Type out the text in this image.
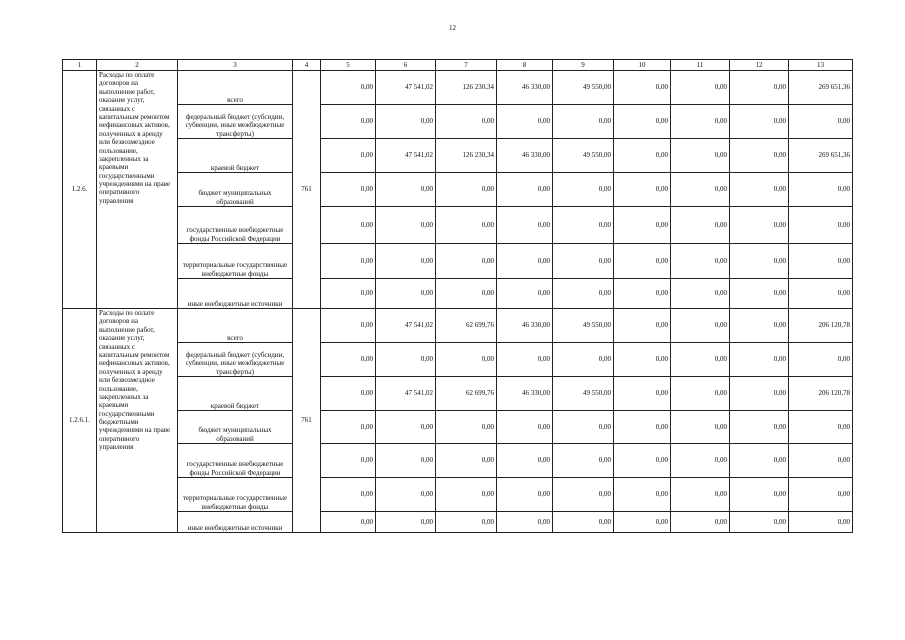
12
1	2	3	4	5	6	7	8	9	10	11	12	13
1.2.6.	Расходы по оплате договоров на выполнение работ, оказание услуг, связанных с капитальным ремонтом нефинансовых активов, полученных в аренду или безвозмездное пользование, закрепленных за краевыми государственными учреждениями на праве оперативного управления	всего	761	0,00	47 541,02	126 230,34	46 330,00	49 550,00	0,00	0,00	0,00	269 651,36
		федеральный бюджет (субсидии, субвенции, иные межбюджетные трансферты)		0,00	0,00	0,00	0,00	0,00	0,00	0,00	0,00	0,00
		краевой бюджет		0,00	47 541,02	126 230,34	46 330,00	49 550,00	0,00	0,00	0,00	269 651,36
		бюджет муниципальных образований		0,00	0,00	0,00	0,00	0,00	0,00	0,00	0,00	0,00
		государственные внебюджетные фонды Российской Федерации		0,00	0,00	0,00	0,00	0,00	0,00	0,00	0,00	0,00
		территориальные государственные внебюджетные фонды		0,00	0,00	0,00	0,00	0,00	0,00	0,00	0,00	0,00
		иные внебюджетные источники		0,00	0,00	0,00	0,00	0,00	0,00	0,00	0,00	0,00
1.2.6.1.	Расходы по оплате договоров на выполнение работ, оказание услуг, связанных с капитальным ремонтом нефинансовых активов, полученных в аренду или безвозмездное пользование, закрепленных за краевыми государственными бюджетными учреждениями на праве оперативного управления	всего	761	0,00	47 541,02	62 699,76	46 330,00	49 550,00	0,00	0,00	0,00	206 120,78
		федеральный бюджет (субсидии, субвенции, иные межбюджетные трансферты)		0,00	0,00	0,00	0,00	0,00	0,00	0,00	0,00	0,00
		краевой бюджет		0,00	47 541,02	62 699,76	46 330,00	49 550,00	0,00	0,00	0,00	206 120,78
		бюджет муниципальных образований		0,00	0,00	0,00	0,00	0,00	0,00	0,00	0,00	0,00
		государственные внебюджетные фонды Российской Федерации		0,00	0,00	0,00	0,00	0,00	0,00	0,00	0,00	0,00
		территориальные государственные внебюджетные фонды		0,00	0,00	0,00	0,00	0,00	0,00	0,00	0,00	0,00
		иные внебюджетные источники		0,00	0,00	0,00	0,00	0,00	0,00	0,00	0,00	0,00
